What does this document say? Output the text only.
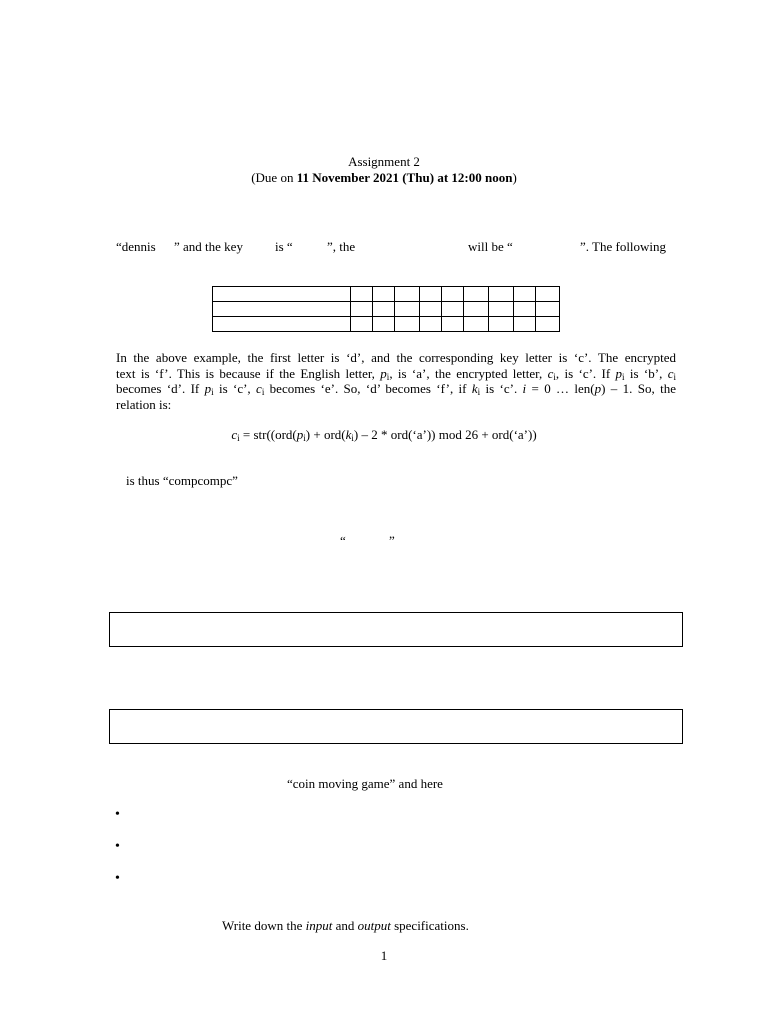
Assignment 2
(Due on 11 November 2021 (Thu) at 12:00 noon)
“dennis ” and the key is “	”, the	will be “	”. The following

In the above example, the first letter is ‘d’, and the corresponding key letter is ‘c’. The encrypted
text is ‘f’. This is because if the English letter, $p_i$, is ‘a’, the encrypted letter, $c_i$, is ‘c’. If $p_i$ is ‘b’, $c_i$
becomes ‘d’. If $p_i$ is ‘c’, $c_i$ becomes ‘e’. So, ‘d’ becomes ‘f’, if $k_i$ is ‘c’. i = 0 … len(p) – 1. So, the
relation is:
$c_i = str((ord(p_i) + ord(k_i) - 2$ * ord(‘a’)) mod 26 + ord(‘a’))
is thus “compcompc”
“	”
“coin moving game” and here
•
•
•
Write down the input and output specifications.
1
